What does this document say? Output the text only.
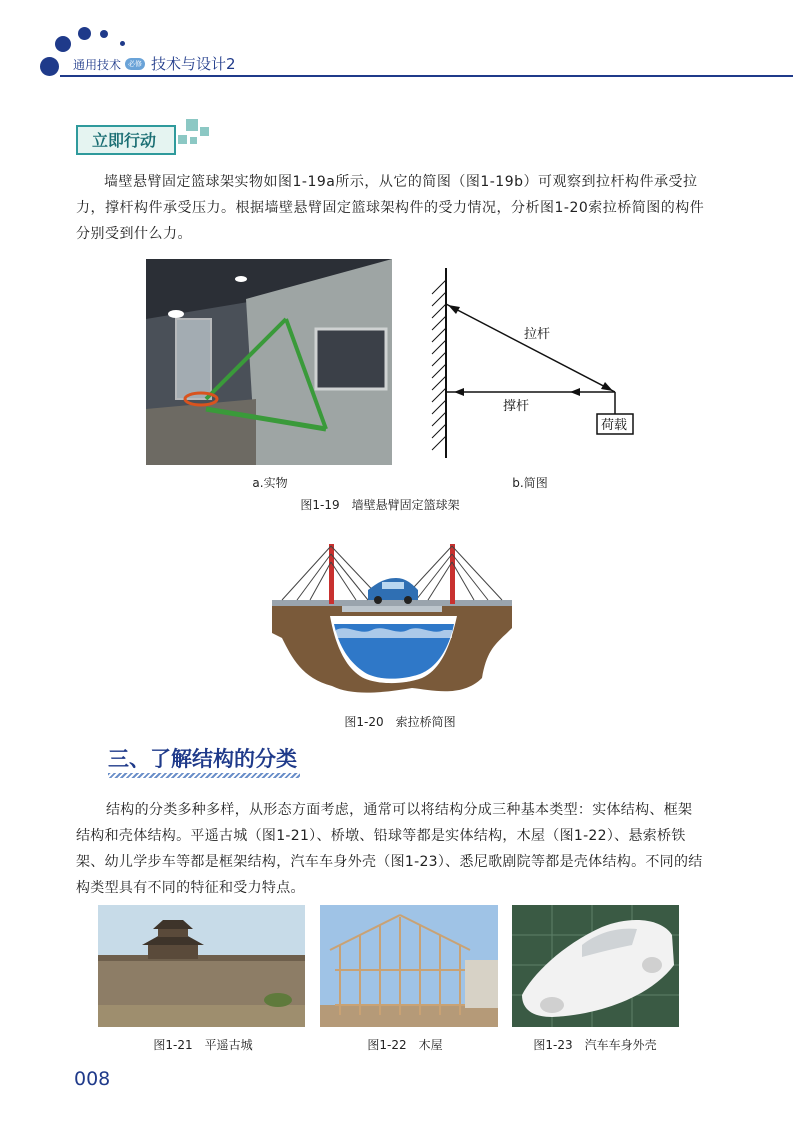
通用技术 必修 技术与设计2
立即行动
墙壁悬臂固定篮球架实物如图1-19a所示，从它的简图（图1-19b）可观察到拉杆构件承受拉力，撑杆构件承受压力。根据墙壁悬臂固定篮球架构件的受力情况，分析图1-20索拉桥简图的构件分别受到什么力。
拉杆
撑杆
荷载
a.实物	b.简图
图1-19　墙壁悬臂固定篮球架
图1-20　索拉桥简图
三、了解结构的分类
结构的分类多种多样，从形态方面考虑，通常可以将结构分成三种基本类型：实体结构、框架结构和壳体结构。平遥古城（图1-21）、桥墩、铅球等都是实体结构，木屋（图1-22）、悬索桥铁架、幼儿学步车等都是框架结构，汽车车身外壳（图1-23）、悉尼歌剧院等都是壳体结构。不同的结构类型具有不同的特征和受力特点。
图1-21　平遥古城	图1-22　木屋	图1-23　汽车车身外壳
008
